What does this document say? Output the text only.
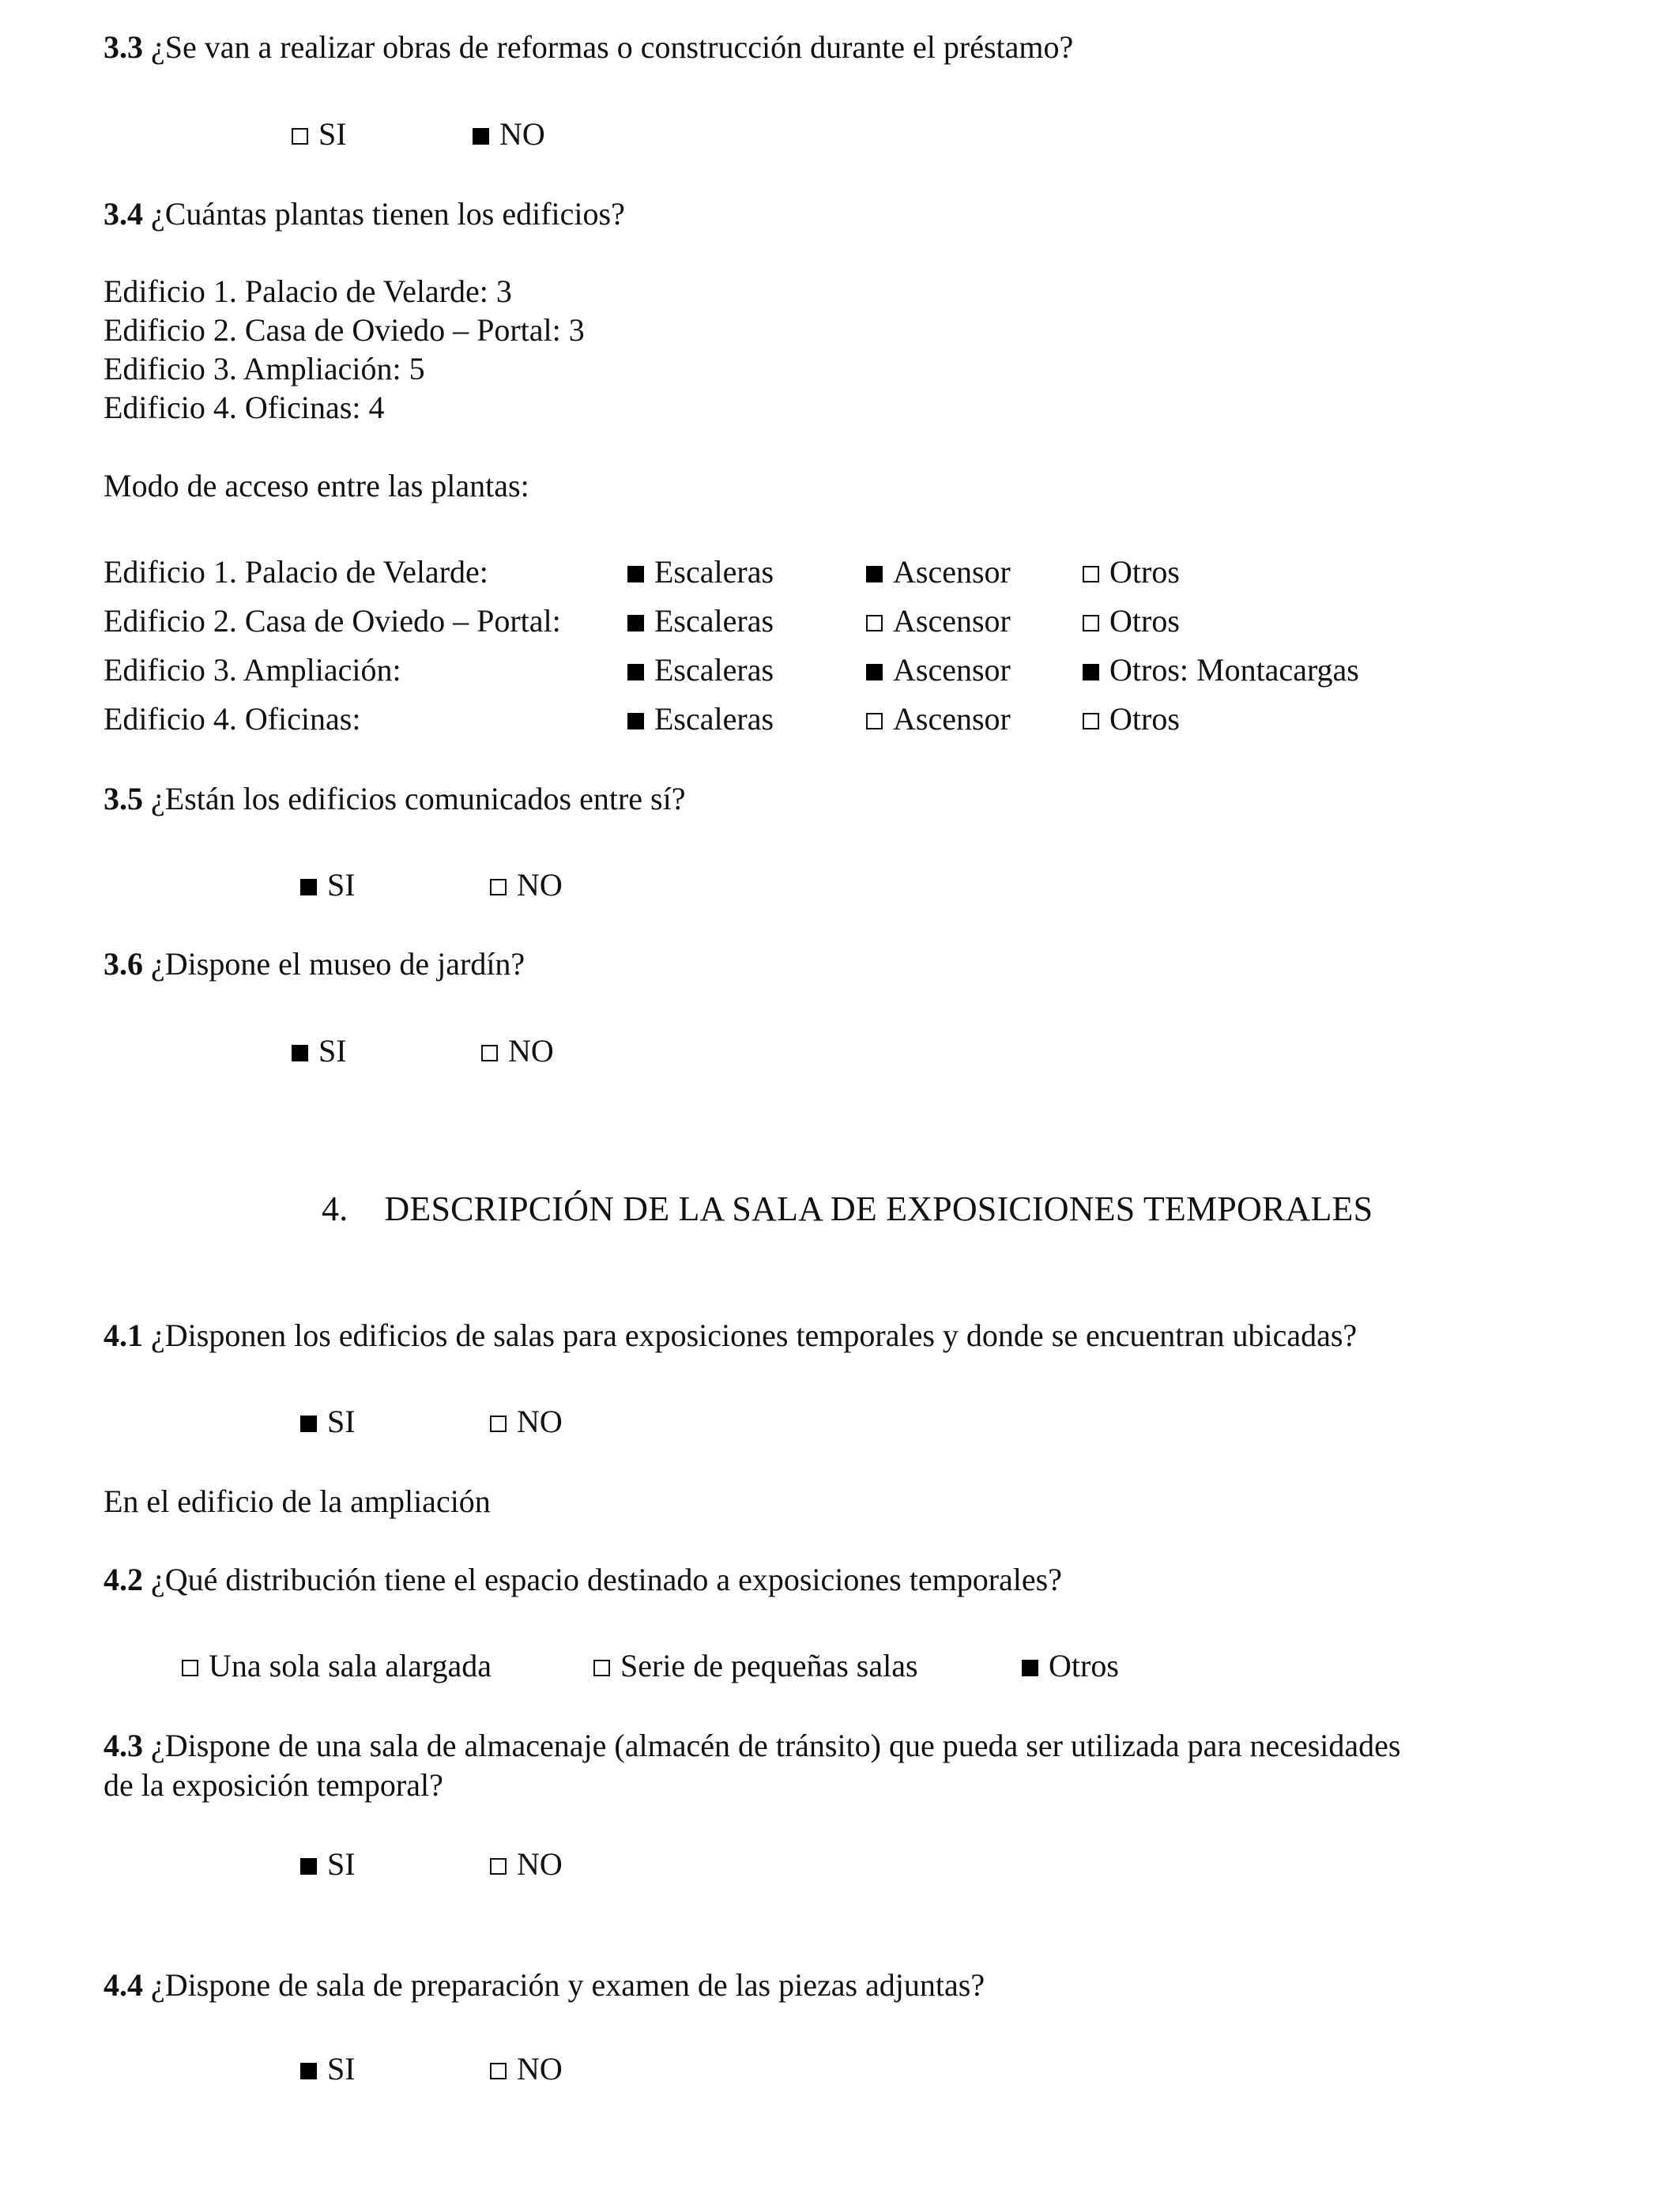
3.3 ¿Se van a realizar obras de reformas o construcción durante el préstamo?
SI	NO
3.4 ¿Cuántas plantas tienen los edificios?
Edificio 1. Palacio de Velarde: 3
Edificio 2. Casa de Oviedo – Portal: 3
Edificio 3. Ampliación: 5
Edificio 4. Oficinas: 4
Modo de acceso entre las plantas:
Edificio 1. Palacio de Velarde:	Escaleras	Ascensor	Otros
Edificio 2. Casa de Oviedo – Portal:	Escaleras	Ascensor	Otros
Edificio 3. Ampliación:	Escaleras	Ascensor	Otros: Montacargas
Edificio 4. Oficinas:	Escaleras	Ascensor	Otros
3.5 ¿Están los edificios comunicados entre sí?
SI	NO
3.6 ¿Dispone el museo de jardín?
SI	NO
4. DESCRIPCIÓN DE LA SALA DE EXPOSICIONES TEMPORALES
4.1 ¿Disponen los edificios de salas para exposiciones temporales y donde se encuentran ubicadas?
SI	NO
En el edificio de la ampliación
4.2 ¿Qué distribución tiene el espacio destinado a exposiciones temporales?
Una sola sala alargada	Serie de pequeñas salas	Otros
4.3 ¿Dispone de una sala de almacenaje (almacén de tránsito) que pueda ser utilizada para necesidades
de la exposición temporal?
SI	NO
4.4 ¿Dispone de sala de preparación y examen de las piezas adjuntas?
SI	NO
